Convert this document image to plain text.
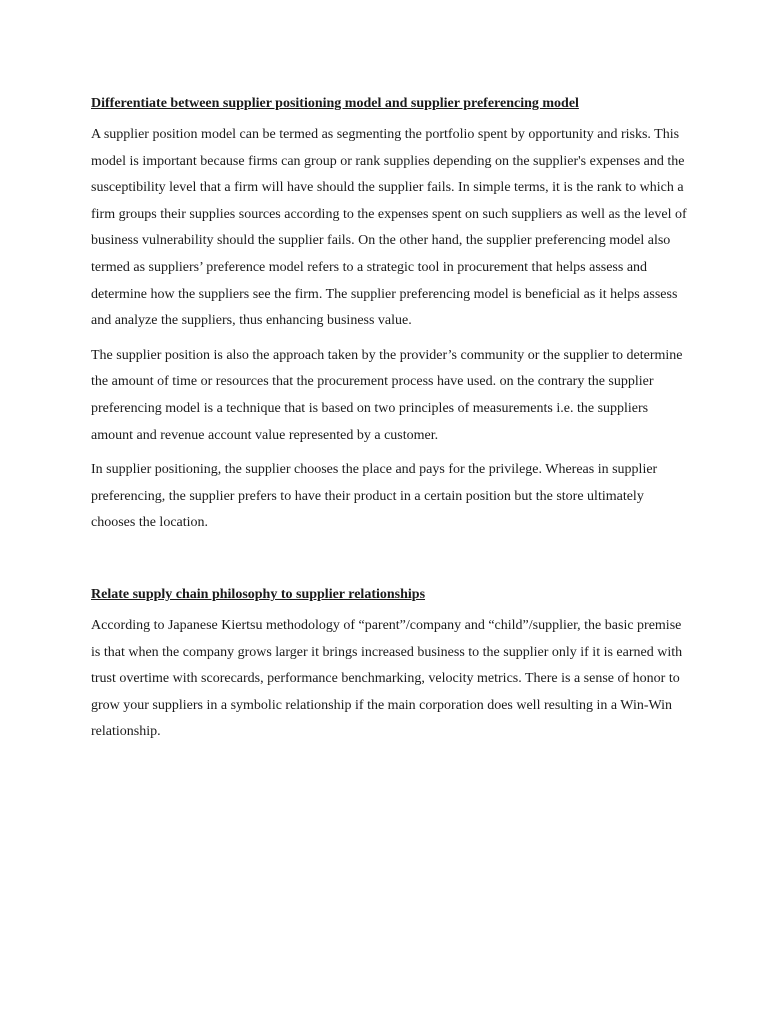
Differentiate between supplier positioning model and supplier preferencing model

A supplier position model can be termed as segmenting the portfolio spent by opportunity and risks. This model is important because firms can group or rank supplies depending on the supplier's expenses and the susceptibility level that a firm will have should the supplier fails. In simple terms, it is the rank to which a firm groups their supplies sources according to the expenses spent on such suppliers as well as the level of business vulnerability should the supplier fails. On the other hand, the supplier preferencing model also termed as suppliers’ preference model refers to a strategic tool in procurement that helps assess and determine how the suppliers see the firm. The supplier preferencing model is beneficial as it helps assess and analyze the suppliers, thus enhancing business value.

The supplier position is also the approach taken by the provider’s community or the supplier to determine the amount of time or resources that the procurement process have used. on the contrary the supplier preferencing model is a technique that is based on two principles of measurements i.e. the suppliers amount and revenue account value represented by a customer.

In supplier positioning, the supplier chooses the place and pays for the privilege. Whereas in supplier preferencing, the supplier prefers to have their product in a certain position but the store ultimately chooses the location.

Relate supply chain philosophy to supplier relationships

According to Japanese Kiertsu methodology of “parent”/company and “child”/supplier, the basic premise is that when the company grows larger it brings increased business to the supplier only if it is earned with trust overtime with scorecards, performance benchmarking, velocity metrics. There is a sense of honor to grow your suppliers in a symbolic relationship if the main corporation does well resulting in a Win-Win relationship.
